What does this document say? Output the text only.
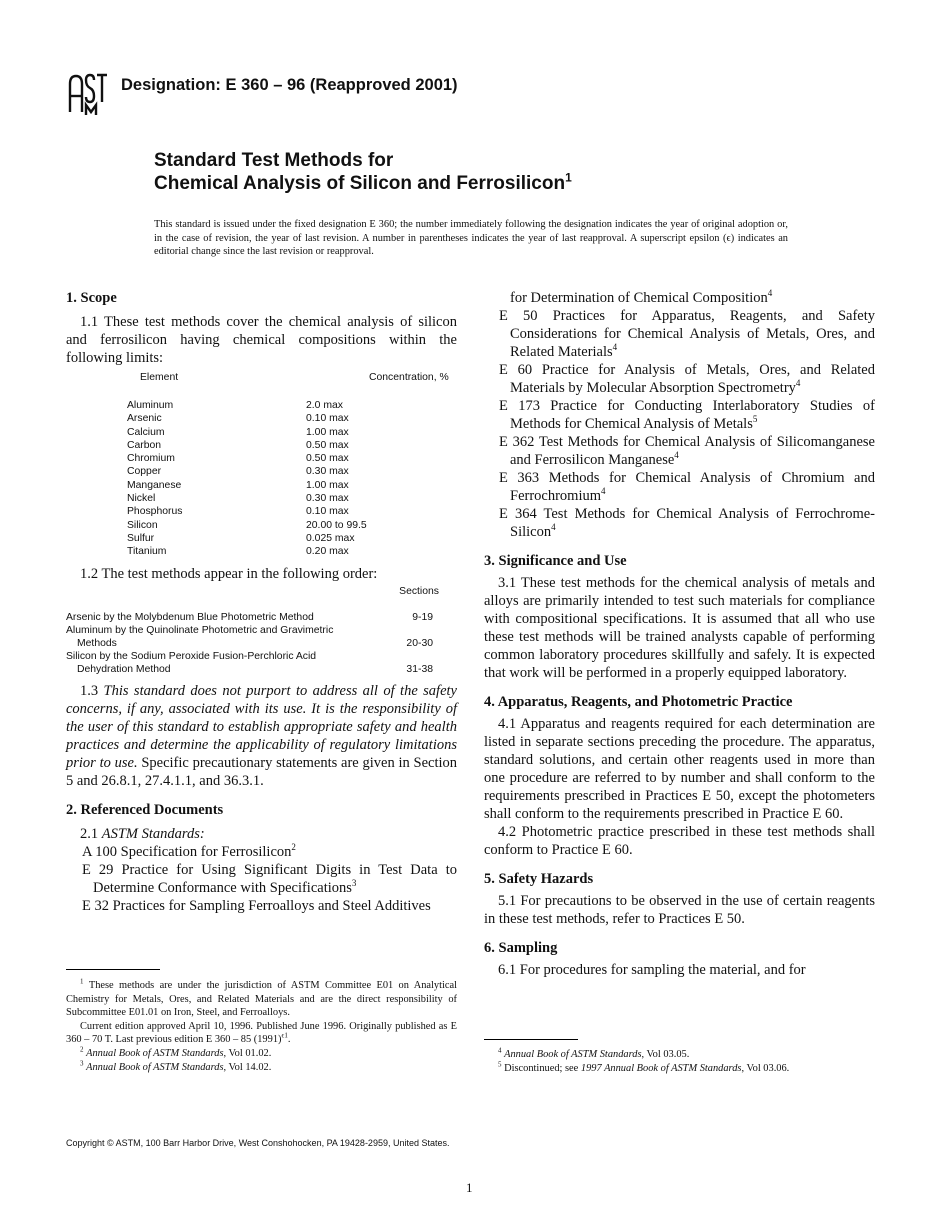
ASTM
Designation: E 360 – 96 (Reapproved 2001)
Standard Test Methods for
Chemical Analysis of Silicon and Ferrosilicon$^1$
This standard is issued under the fixed designation E 360; the number immediately following the designation indicates the year of original adoption or, in the case of revision, the year of last revision. A number in parentheses indicates the year of last reapproval. A superscript epsilon (ϵ) indicates an editorial change since the last revision or reapproval.
1. Scope

1.1 These test methods cover the chemical analysis of silicon and ferrosilicon having chemical compositions within the following limits:

Element	Concentration, %
Aluminum	2.0 max
Arsenic	0.10 max
Calcium	1.00 max
Carbon	0.50 max
Chromium	0.50 max
Copper	0.30 max
Manganese	1.00 max
Nickel	0.30 max
Phosphorus	0.10 max
Silicon	20.00 to 99.5
Sulfur	0.025 max
Titanium	0.20 max

1.2 The test methods appear in the following order:

Sections
Arsenic by the Molybdenum Blue Photometric Method	9-19
Aluminum by the Quinolinate Photometric and Gravimetric
Methods	20-30
Silicon by the Sodium Peroxide Fusion-Perchloric Acid
Dehydration Method	31-38

1.3 This standard does not purport to address all of the safety concerns, if any, associated with its use. It is the responsibility of the user of this standard to establish appropriate safety and health practices and determine the applicability of regulatory limitations prior to use. Specific precautionary statements are given in Section 5 and 26.8.1, 27.4.1.1, and 36.3.1.

2. Referenced Documents

2.1 ASTM Standards:

A 100 Specification for Ferrosilicon$^2$
E 29 Practice for Using Significant Digits in Test Data to Determine Conformance with Specifications$^3$
E 32 Practices for Sampling Ferroalloys and Steel Additives

$^1$ These methods are under the jurisdiction of ASTM Committee E01 on Analytical Chemistry for Metals, Ores, and Related Materials and are the direct responsibility of Subcommittee E01.01 on Iron, Steel, and Ferroalloys.

Current edition approved April 10, 1996. Published June 1996. Originally published as E 360 – 70 T. Last previous edition E 360 – 85 $(1991)^{\epsilon 1}$.

$^2$ Annual Book of ASTM Standards, Vol 01.02.

$^3$ Annual Book of ASTM Standards, Vol 14.02.

for Determination of Chemical Composition$^4$
E 50 Practices for Apparatus, Reagents, and Safety Considerations for Chemical Analysis of Metals, Ores, and Related Materials$^4$
E 60 Practice for Analysis of Metals, Ores, and Related Materials by Molecular Absorption Spectrometry$^4$
E 173 Practice for Conducting Interlaboratory Studies of Methods for Chemical Analysis of Metals$^5$
E 362 Test Methods for Chemical Analysis of Silicomanganese and Ferrosilicon Manganese$^4$
E 363 Methods for Chemical Analysis of Chromium and Ferrochromium$^4$
E 364 Test Methods for Chemical Analysis of Ferrochrome-Silicon$^4$
3. Significance and Use

3.1 These test methods for the chemical analysis of metals and alloys are primarily intended to test such materials for compliance with compositional specifications. It is assumed that all who use these test methods will be trained analysts capable of performing common laboratory procedures skillfully and safely. It is expected that work will be performed in a properly equipped laboratory.

4. Apparatus, Reagents, and Photometric Practice

4.1 Apparatus and reagents required for each determination are listed in separate sections preceding the procedure. The apparatus, standard solutions, and certain other reagents used in more than one procedure are referred to by number and shall conform to the requirements prescribed in Practices E 50, except the photometers shall conform to the requirements prescribed in Practice E 60.

4.2 Photometric practice prescribed in these test methods shall conform to Practice E 60.

5. Safety Hazards

5.1 For precautions to be observed in the use of certain reagents in these test methods, refer to Practices E 50.

6. Sampling

6.1 For procedures for sampling the material, and for

$^4$ Annual Book of ASTM Standards, Vol 03.05.

$^5$ Discontinued; see 1997 Annual Book of ASTM Standards, Vol 03.06.

Copyright © ASTM, 100 Barr Harbor Drive, West Conshohocken, PA 19428-2959, United States.
1
